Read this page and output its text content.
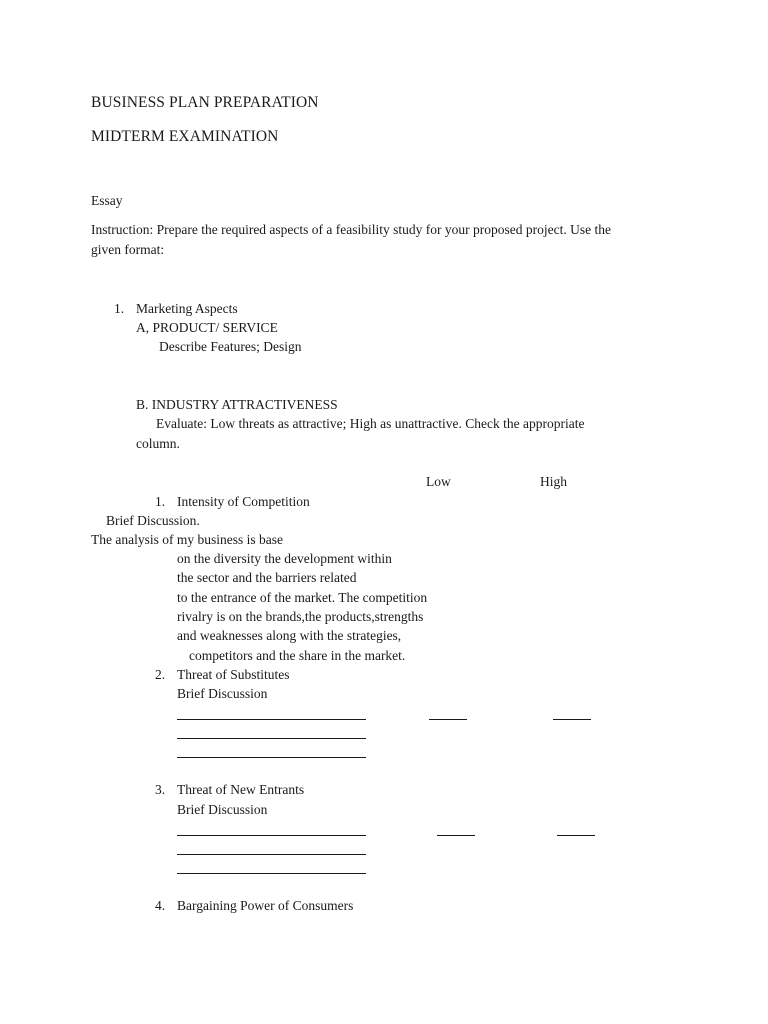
BUSINESS PLAN PREPARATION
MIDTERM EXAMINATION
Essay
Instruction: Prepare the required aspects of a feasibility study for your proposed project. Use the
given format:
1. Marketing Aspects
A, PRODUCT/ SERVICE
Describe Features; Design
B. INDUSTRY ATTRACTIVENESS
Evaluate: Low threats as attractive; High as unattractive. Check the appropriate
column.
Low	High
1. Intensity of Competition
Brief Discussion.
The analysis of my business is base
on the diversity the development within
the sector and the barriers related
to the entrance of the market. The competition
rivalry is on the brands,the products,strengths
and weaknesses along with the strategies,
competitors and the share in the market.
2. Threat of Substitutes
Brief Discussion
3. Threat of New Entrants
Brief Discussion
4. Bargaining Power of Consumers
